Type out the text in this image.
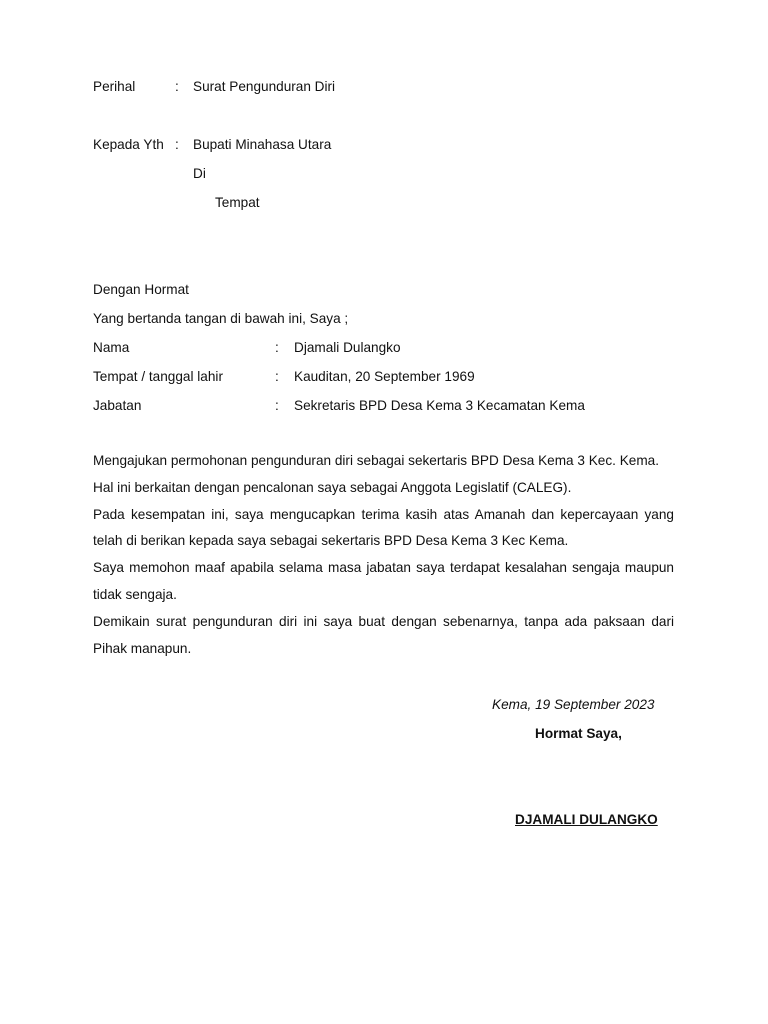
Perihal	: Surat Pengunduran Diri
Kepada Yth : Bupati Minahasa Utara
Di
Tempat
Dengan Hormat
Yang bertanda tangan di bawah ini, Saya ;
Nama	: Djamali Dulangko
Tempat / tanggal lahir	: Kauditan, 20 September 1969
Jabatan	: Sekretaris BPD Desa Kema 3 Kecamatan Kema

Mengajukan permohonan pengunduran diri sebagai sekertaris BPD Desa Kema 3 Kec. Kema.

Hal ini berkaitan dengan pencalonan saya sebagai Anggota Legislatif (CALEG).

Pada kesempatan ini, saya mengucapkan terima kasih atas Amanah dan kepercayaan yang

telah di berikan kepada saya sebagai sekertaris BPD Desa Kema 3 Kec Kema.

Saya memohon maaf apabila selama masa jabatan saya terdapat kesalahan sengaja maupun

tidak sengaja.

Demikain surat pengunduran diri ini saya buat dengan sebenarnya, tanpa ada paksaan dari

Pihak manapun.

Kema, 19 September 2023
Hormat Saya,
DJAMALI DULANGKO
